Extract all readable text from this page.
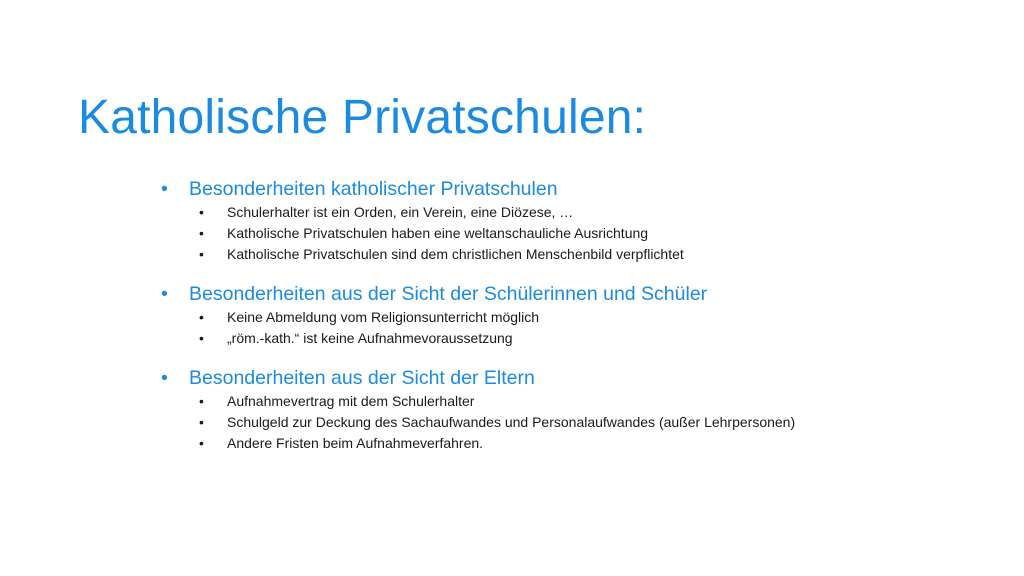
Katholische Privatschulen:
• Besonderheiten katholischer Privatschulen
• Schulerhalter ist ein Orden, ein Verein, eine Diözese, …
• Katholische Privatschulen haben eine weltanschauliche Ausrichtung
• Katholische Privatschulen sind dem christlichen Menschenbild verpflichtet
• Besonderheiten aus der Sicht der Schülerinnen und Schüler
• Keine Abmeldung vom Religionsunterricht möglich
• „röm.-kath.“ ist keine Aufnahmevoraussetzung
• Besonderheiten aus der Sicht der Eltern
• Aufnahmevertrag mit dem Schulerhalter
• Schulgeld zur Deckung des Sachaufwandes und Personalaufwandes (außer Lehrpersonen)
• Andere Fristen beim Aufnahmeverfahren.
